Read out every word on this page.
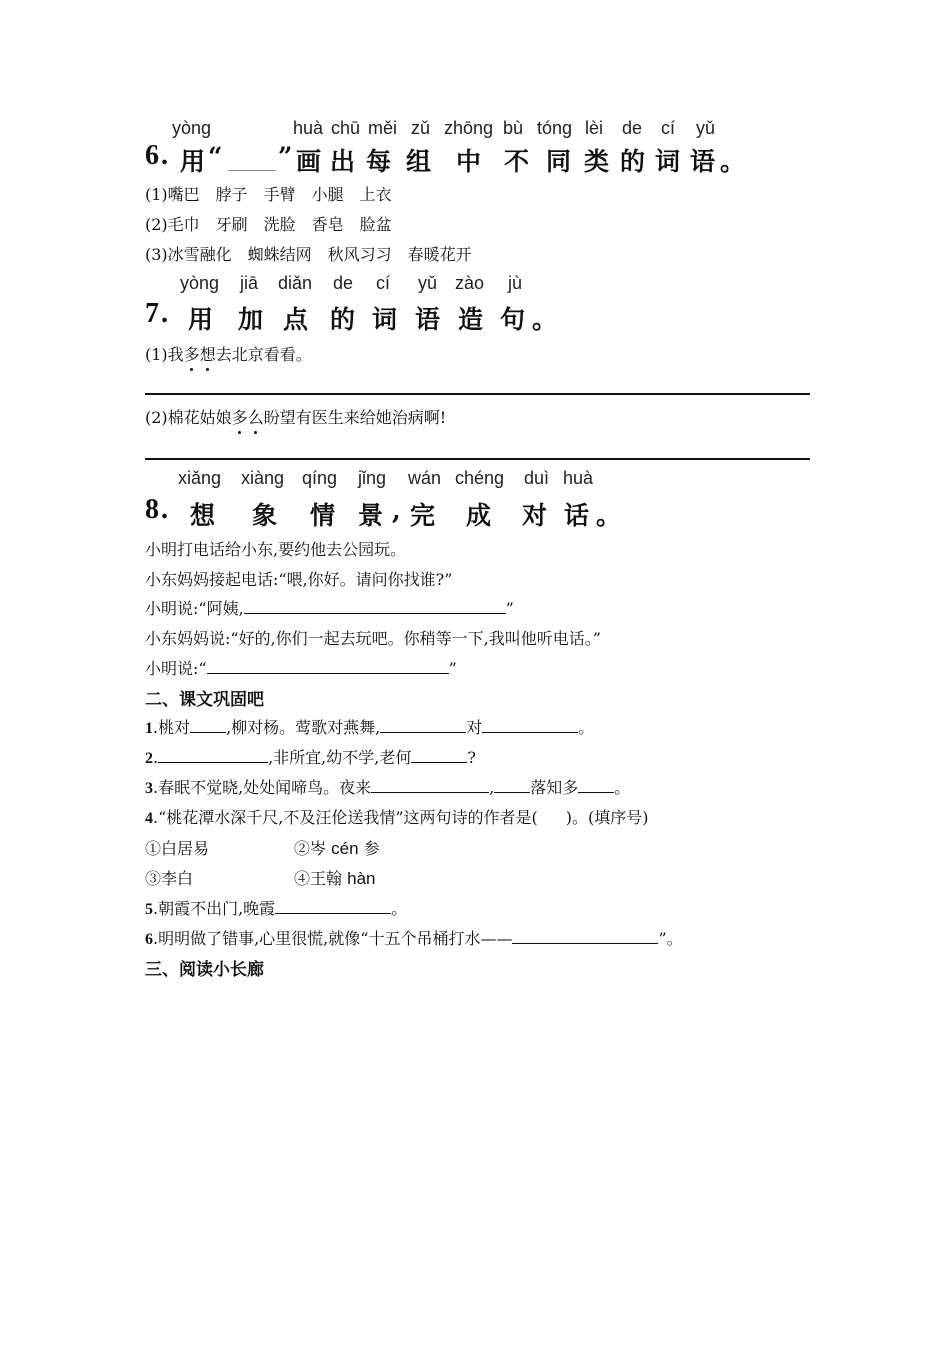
yòng	huà chū měi zǔ zhōng bù tóng lèi de cí yǔ
6. 用 “ ” 画 出 每 组 中 不 同 类 的 词 语 。
(1)嘴巴　脖子　手臂　小腿　上衣
(2)毛巾　牙刷　洗脸　香皂　脸盆
(3)冰雪融化　蜘蛛结网　秋风习习　春暖花开
yòng jiā diǎn de cí yǔ zào jù
7. 用 加 点 的 词 语 造 句 。
(1)我多想去北京看看。
(2)棉花姑娘多么盼望有医生来给她治病啊!
xiǎng xiàng qíng jǐng wán chéng duì huà
8. 想 象 情 景 , 完 成 对 话 。
小明打电话给小东,要约他去公园玩。
小东妈妈接起电话:“喂,你好。请问你找谁?”
小明说:“阿姨,	”
小东妈妈说:“好的,你们一起去玩吧。你稍等一下,我叫他听电话。”
小明说:“	”
二、课文巩固吧
1.桃对 ,柳对杨。莺歌对燕舞,	对	。
2.	,非所宜,幼不学,老何	?
3.春眠不觉晓,处处闻啼鸟。夜来	, 落知多 。
4.“桃花潭水深千尺,不及汪伦送我情”这两句诗的作者是( )。(填序号)
①白居易	②岑 cén 参
③李白	④王翰 hàn
5.朝霞不出门,晚霞	。
6.明明做了错事,心里很慌,就像“十五个吊桶打水——	”。
三、阅读小长廊
